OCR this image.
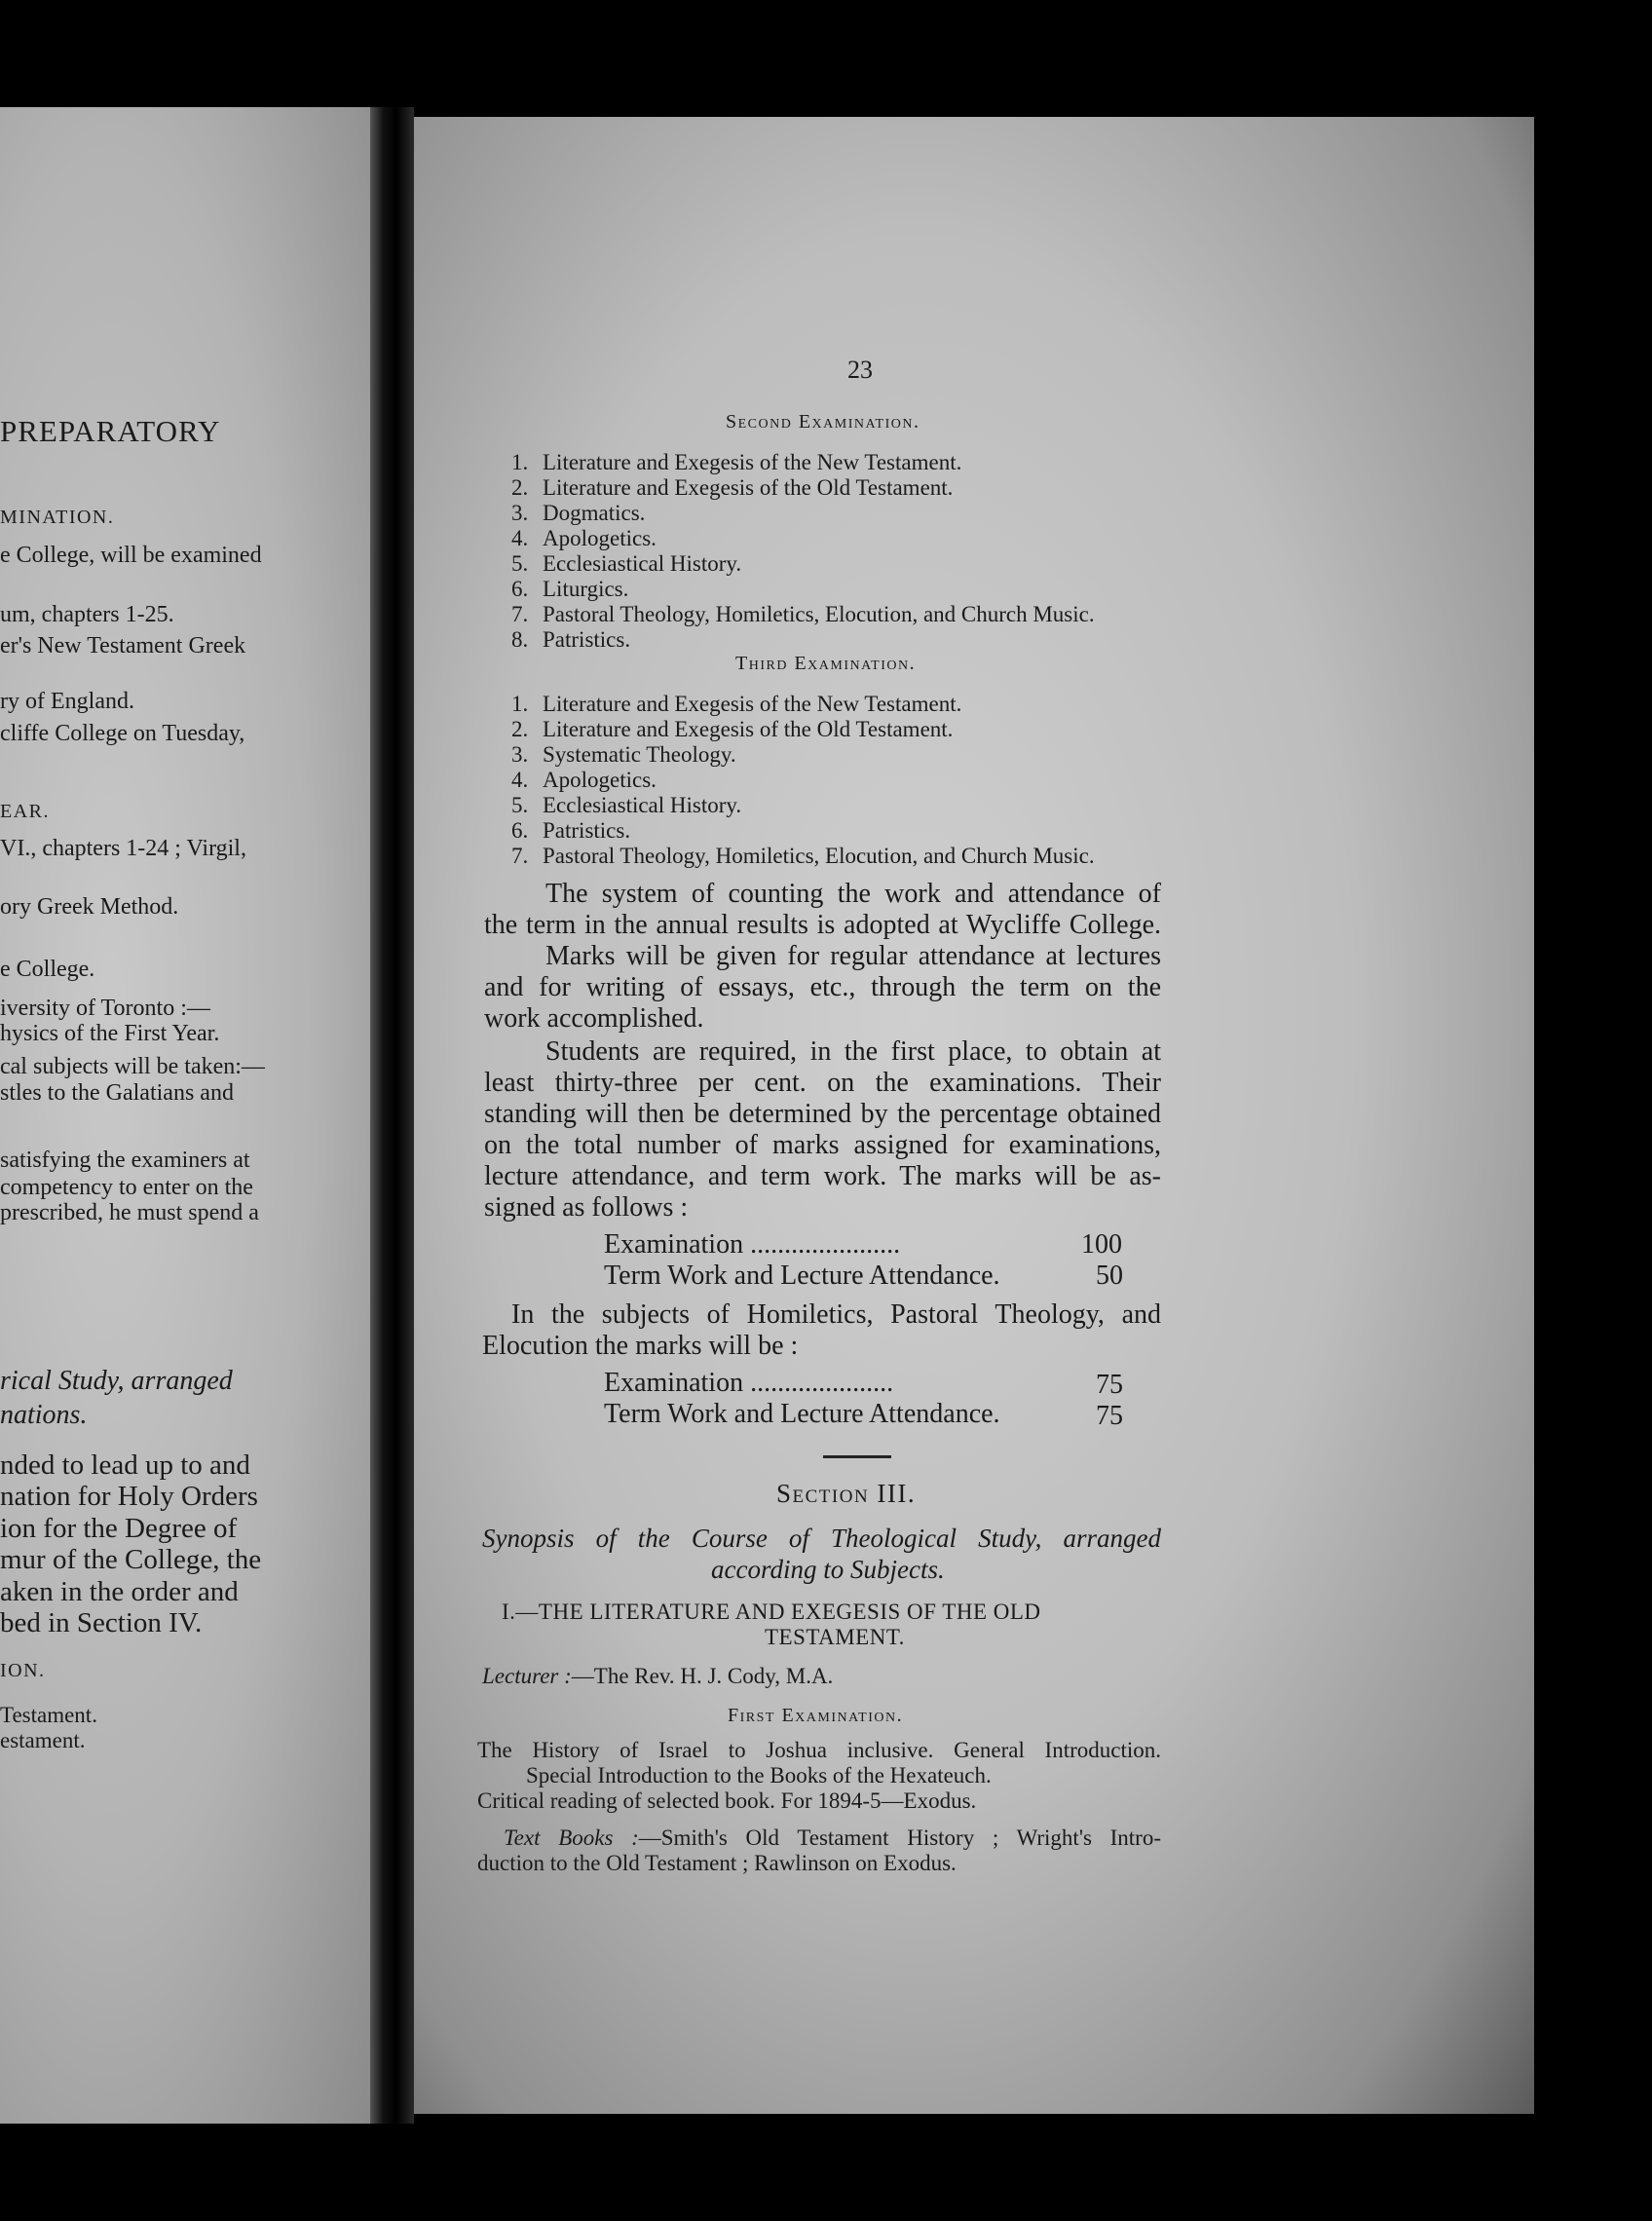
PREPARATORY
MINATION.
e College, will be examined
um, chapters 1-25.
er's New Testament Greek
ry of England.
cliffe College on Tuesday,
EAR.
VI., chapters 1-24 ; Virgil,
ory Greek Method.
e College.
iversity of Toronto :—
hysics of the First Year.
cal subjects will be taken:—
stles to the Galatians and
satisfying the examiners at
competency to enter on the
prescribed, he must spend a
rical Study, arranged
nations.
nded to lead up to and
nation for Holy Orders
ion for the Degree of
mur of the College, the
aken in the order and
bed in Section IV.
ION.
Testament.
estament.
23
Second Examination.
1. Literature and Exegesis of the New Testament.
2. Literature and Exegesis of the Old Testament.
3. Dogmatics.
4. Apologetics.
5. Ecclesiastical History.
6. Liturgics.
7. Pastoral Theology, Homiletics, Elocution, and Church Music.
8. Patristics.
Third Examination.
1. Literature and Exegesis of the New Testament.
2. Literature and Exegesis of the Old Testament.
3. Systematic Theology.
4. Apologetics.
5. Ecclesiastical History.
6. Patristics.
7. Pastoral Theology, Homiletics, Elocution, and Church Music.
The system of counting the work and attendance of
the term in the annual results is adopted at Wycliffe College.
Marks will be given for regular attendance at lectures
and for writing of essays, etc., through the term on the
work accomplished.
Students are required, in the first place, to obtain at
least thirty-three per cent. on the examinations. Their
standing will then be determined by the percentage obtained
on the total number of marks assigned for examinations,
lecture attendance, and term work. The marks will be as-
signed as follows :
Examination ......................	100
Term Work and Lecture Attendance.	50
In the subjects of Homiletics, Pastoral Theology, and
Elocution the marks will be :
Examination .....................	75
Term Work and Lecture Attendance.	75
Section III.
Synopsis of the Course of Theological Study, arranged
according to Subjects.
I.—THE LITERATURE AND EXEGESIS OF THE OLD
TESTAMENT.
Lecturer :—The Rev. H. J. Cody, M.A.
First Examination.
The History of Israel to Joshua inclusive. General Introduction.
Special Introduction to the Books of the Hexateuch.
Critical reading of selected book. For 1894-5—Exodus.
Text Books :—Smith's Old Testament History ; Wright's Intro-
duction to the Old Testament ; Rawlinson on Exodus.
